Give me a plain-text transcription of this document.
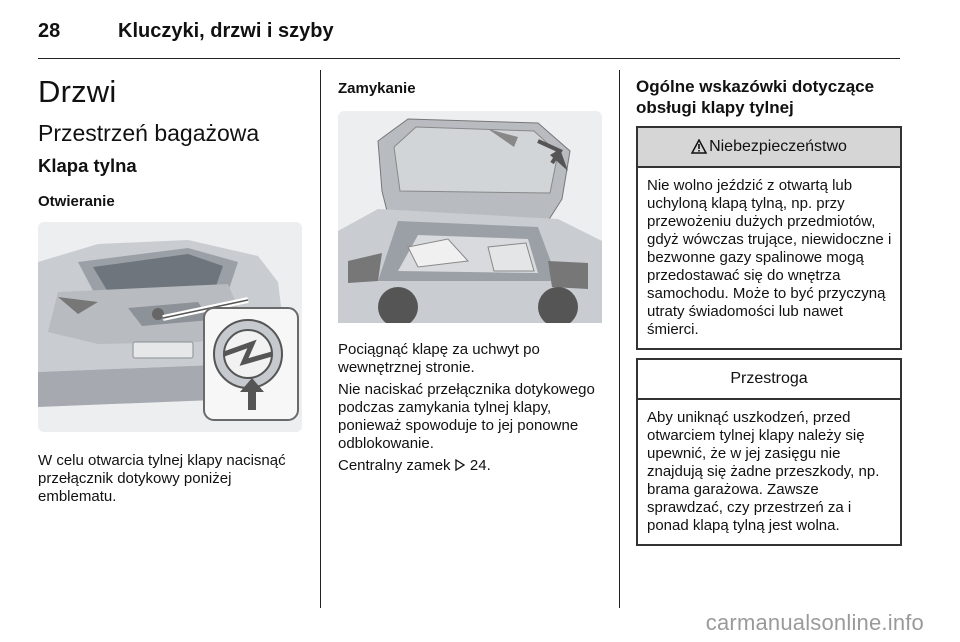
28	Kluczyki, drzwi i szyby
Drzwi
Przestrzeń bagażowa
Klapa tylna
Otwieranie

W celu otwarcia tylnej klapy nacisnąć przełącznik dotykowy poniżej emblematu.

Zamykanie

Pociągnąć klapę za uchwyt po wewnętrznej stronie.

Nie naciskać przełącznika dotykowego podczas zamykania tylnej klapy, ponieważ spowoduje to jej ponowne odblokowanie.

Centralny zamek 24.

Ogólne wskazówki dotyczące obsługi klapy tylnej
Niebezpieczeństwo
Nie wolno jeździć z otwartą lub uchyloną klapą tylną, np. przy przewożeniu dużych przedmiotów, gdyż wówczas trujące, niewidoczne i bezwonne gazy spalinowe mogą przedostawać się do wnętrza samochodu. Może to być przyczyną utraty świadomości lub nawet śmierci.
Przestroga
Aby uniknąć uszkodzeń, przed otwarciem tylnej klapy należy się upewnić, że w jej zasięgu nie znajdują się żadne przeszkody, np. brama garażowa. Zawsze sprawdzać, czy przestrzeń za i ponad klapą tylną jest wolna.
carmanualsonline.info
